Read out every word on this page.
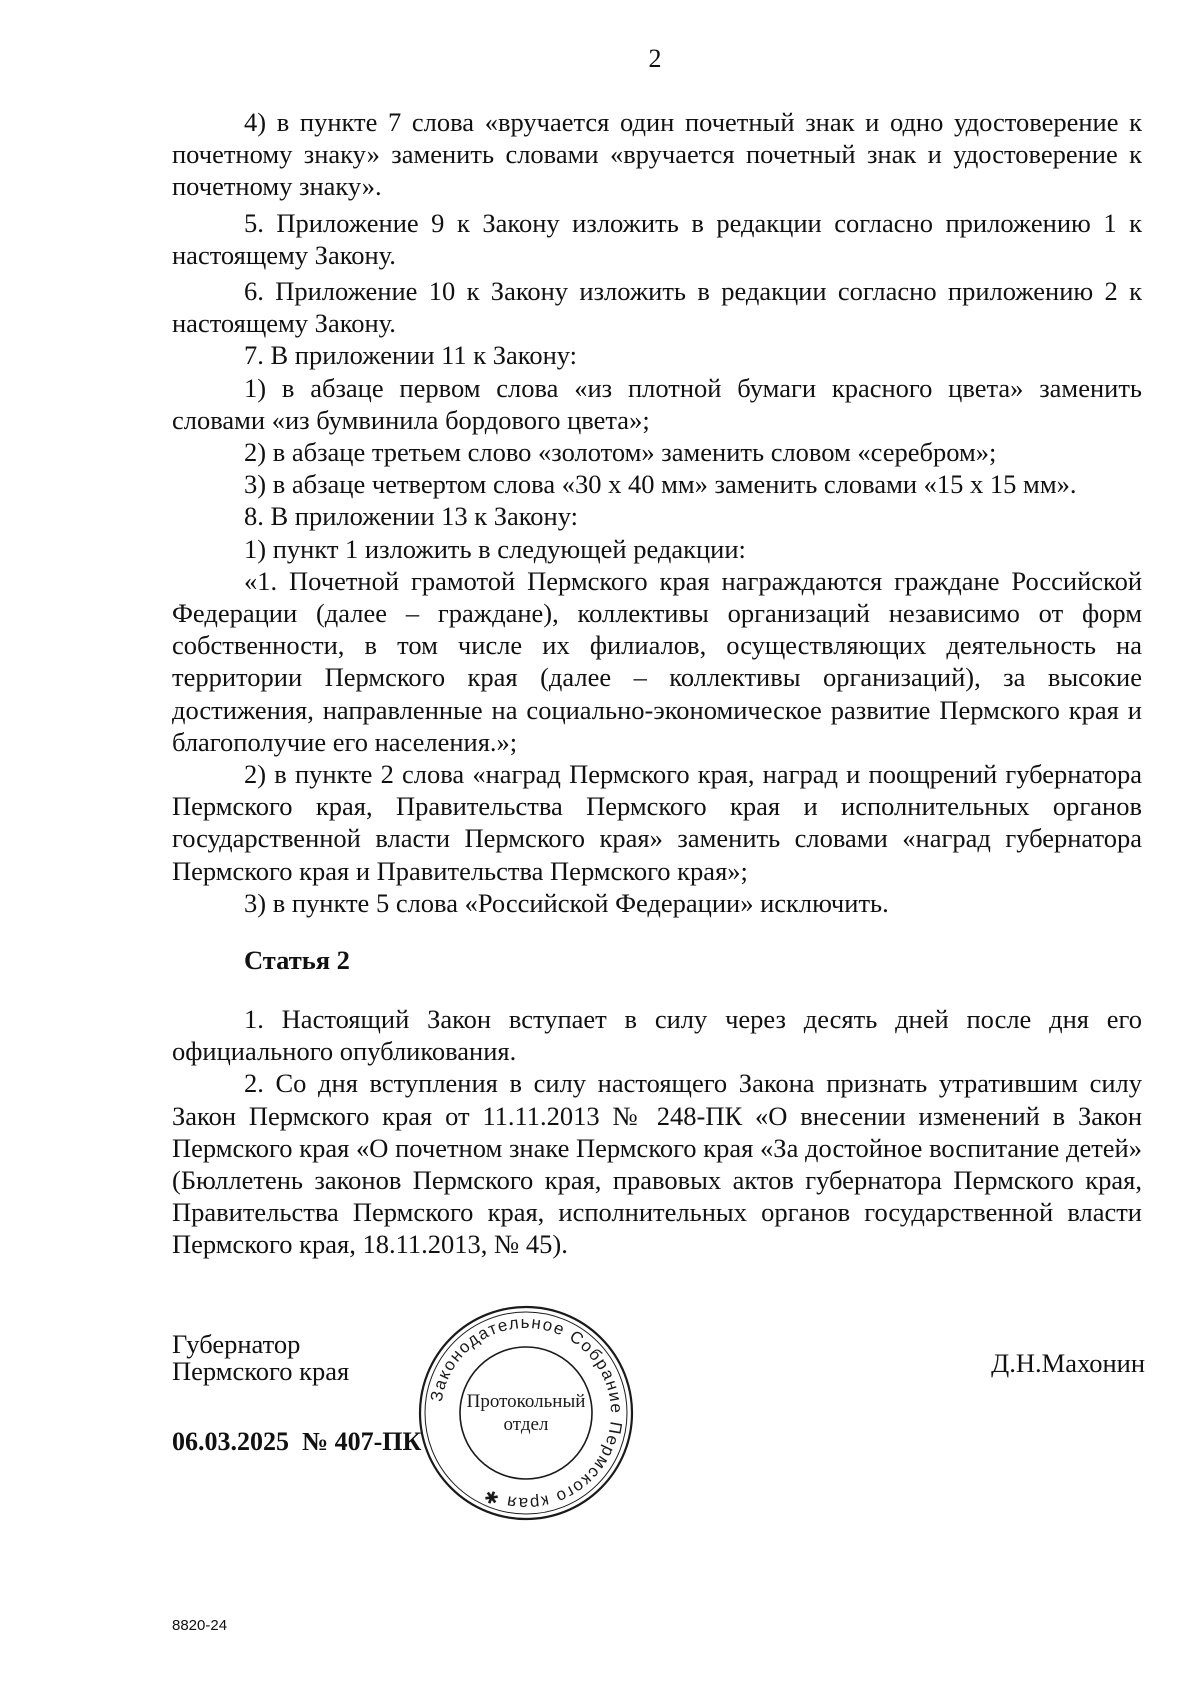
2

4) в пункте 7 слова «вручается один почетный знак и одно удостоверение к почетному знаку» заменить словами «вручается почетный знак и удостоверение к почетному знаку».

5. Приложение 9 к Закону изложить в редакции согласно приложению 1 к настоящему Закону.

6. Приложение 10 к Закону изложить в редакции согласно приложению 2 к настоящему Закону.

7. В приложении 11 к Закону:

1) в абзаце первом слова «из плотной бумаги красного цвета» заменить словами «из бумвинила бордового цвета»;

2) в абзаце третьем слово «золотом» заменить словом «серебром»;

3) в абзаце четвертом слова «30 х 40 мм» заменить словами «15 х 15 мм».

8. В приложении 13 к Закону:

1) пункт 1 изложить в следующей редакции:

«1. Почетной грамотой Пермского края награждаются граждане Российской Федерации (далее – граждане), коллективы организаций независимо от форм собственности, в том числе их филиалов, осуществляющих деятельность на территории Пермского края (далее – коллективы организаций), за высокие достижения, направленные на социально-экономическое развитие Пермского края и благополучие его населения.»;

2) в пункте 2 слова «наград Пермского края, наград и поощрений губернатора Пермского края, Правительства Пермского края и исполнительных органов государственной власти Пермского края» заменить словами «наград губернатора Пермского края и Правительства Пермского края»;

3) в пункте 5 слова «Российской Федерации» исключить.

Статья 2

1. Настоящий Закон вступает в силу через десять дней после дня его официального опубликования.

2. Со дня вступления в силу настоящего Закона признать утратившим силу Закон Пермского края от 11.11.2013 № 248-ПК «О внесении изменений в Закон Пермского края «О почетном знаке Пермского края «За достойное воспитание детей» (Бюллетень законов Пермского края, правовых актов губернатора Пермского края, Правительства Пермского края, исполнительных органов государственной власти Пермского края, 18.11.2013, № 45).

Губернатор
Пермского края	Д.Н.Махонин
06.03.2025  № 407-ПК
Законодательное Собрание Пермского края ✱
Протокольный
отдел
8820-24
